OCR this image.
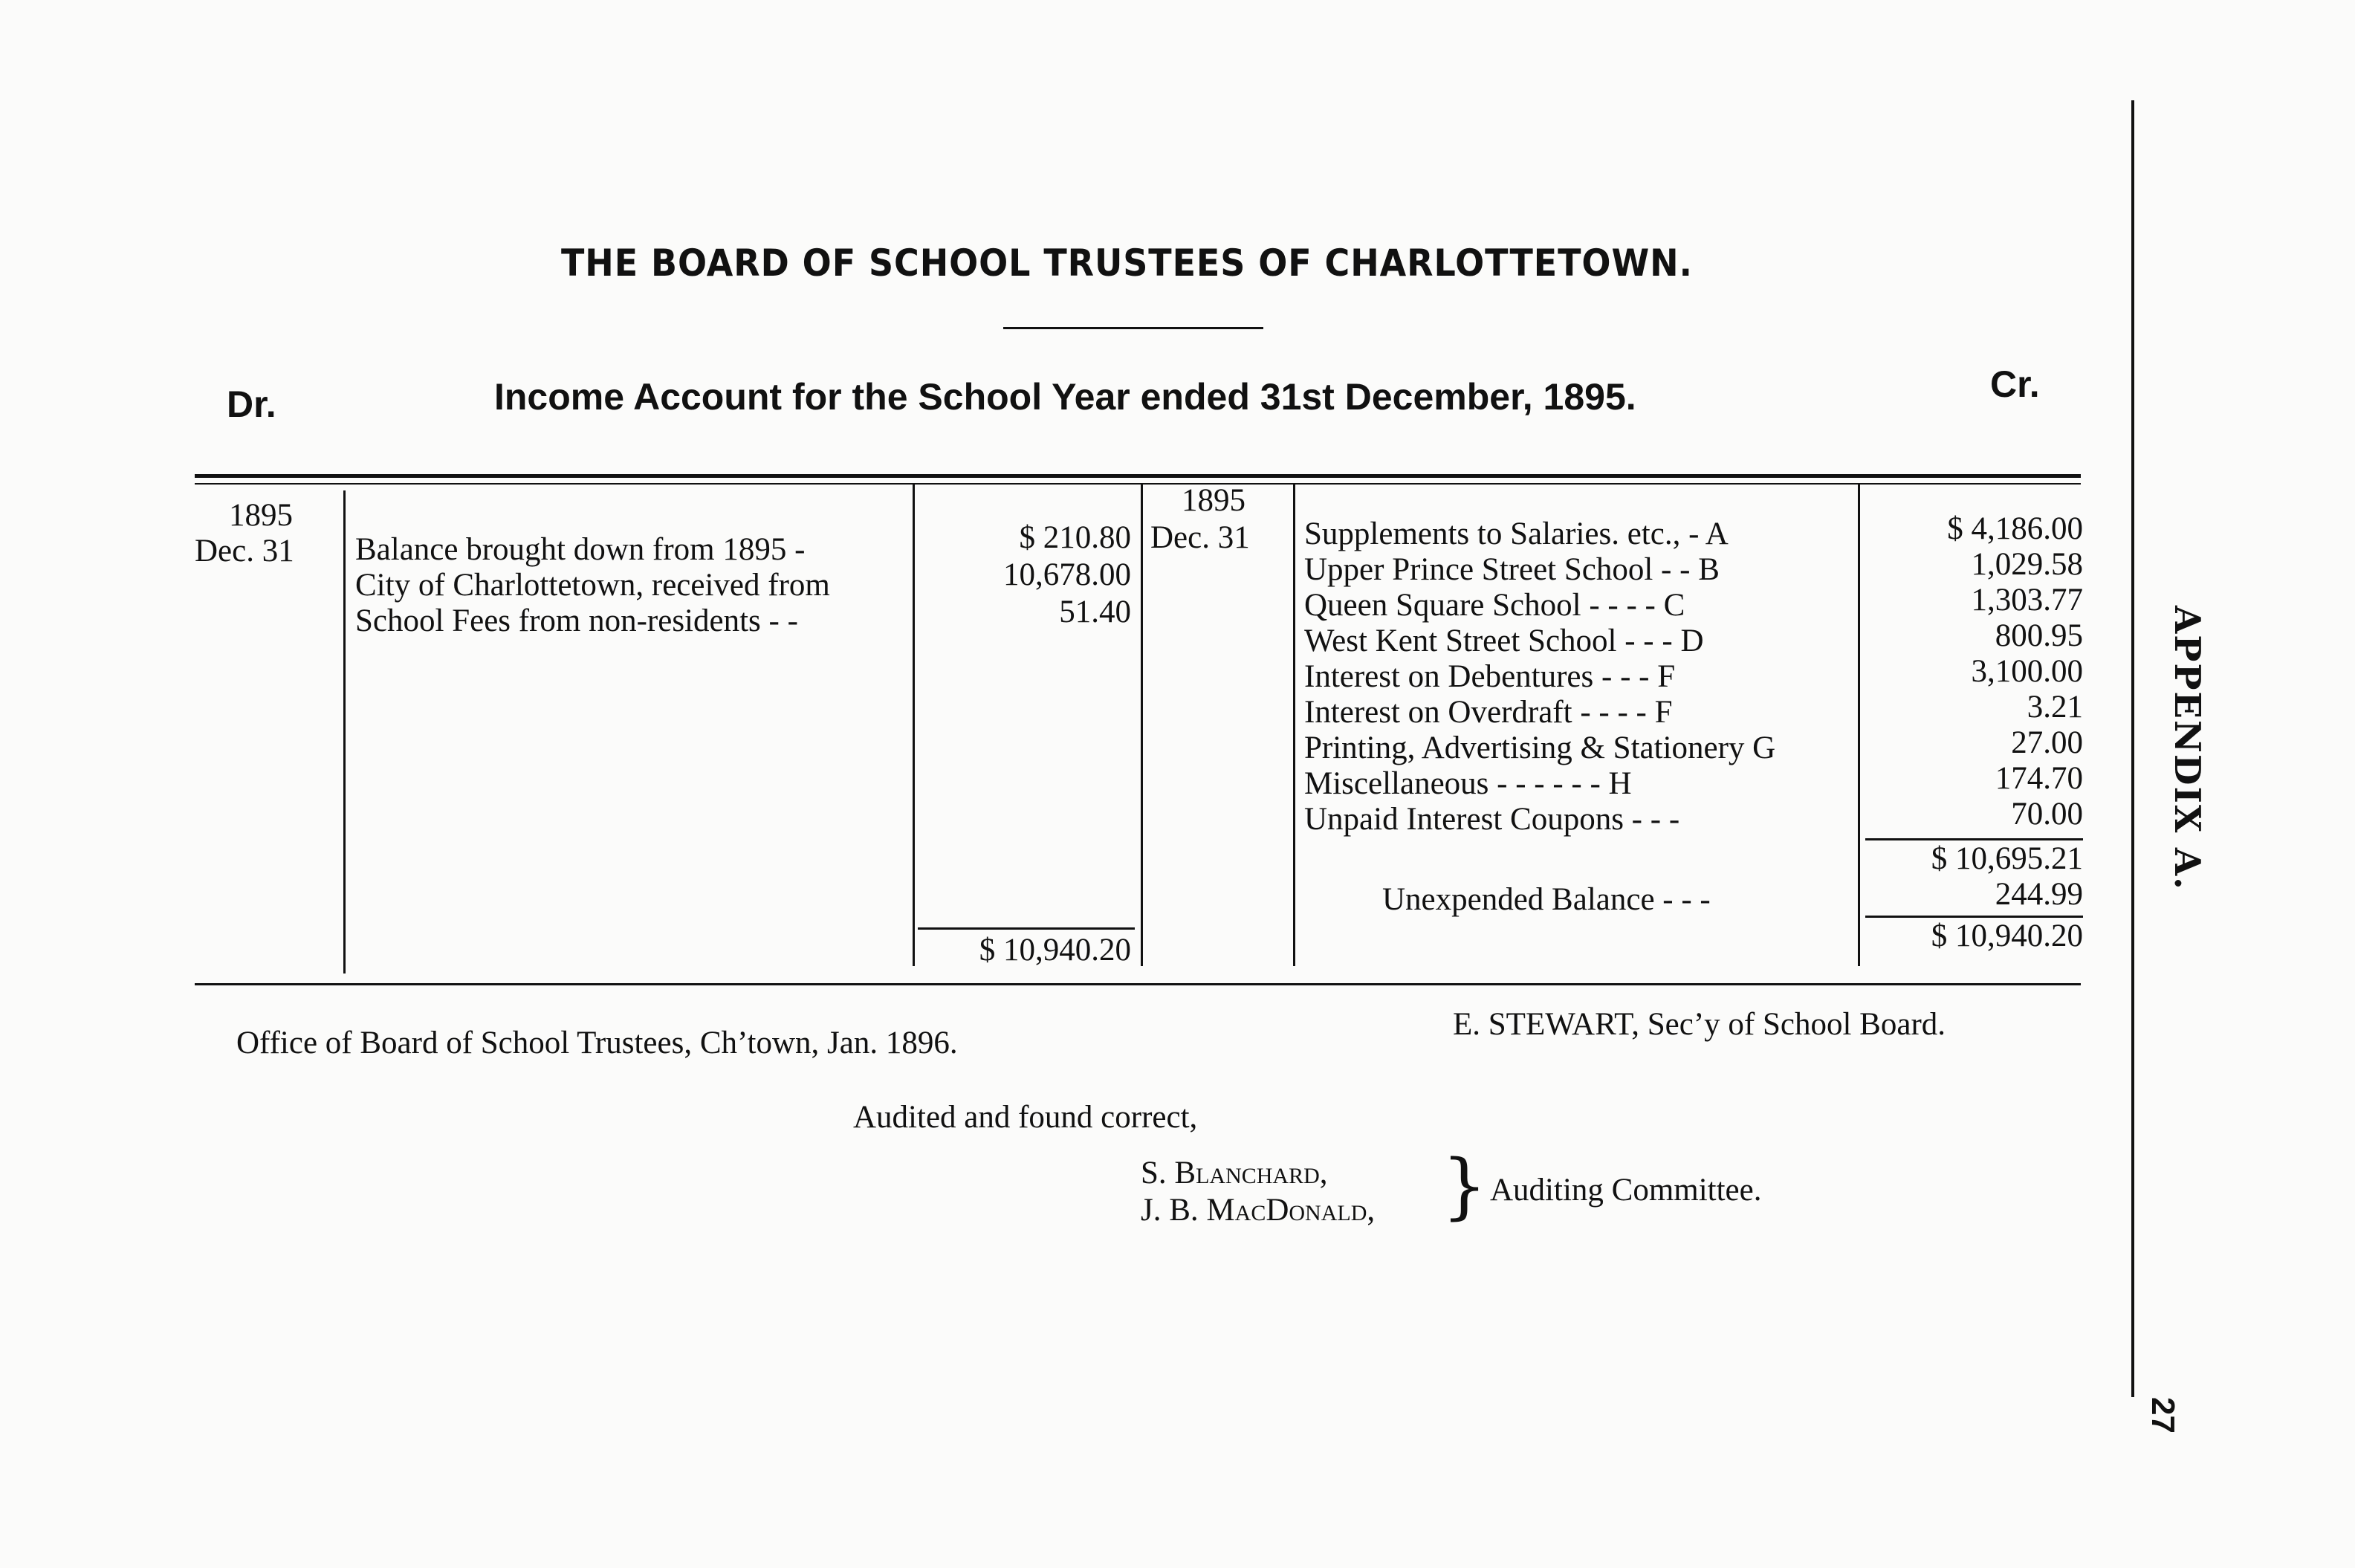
THE BOARD OF SCHOOL TRUSTEES OF CHARLOTTETOWN.
Dr.	Income Account for the School Year ended 31st December, 1895.	Cr.
1895
Dec. 31 Balance brought down from 1895 -
City of Charlottetown, received from
School Fees from non-residents - -
$ 210.80
10,678.00
51.40
$ 10,940.20
1895
Dec. 31 Supplements to Salaries. etc., - A
Upper Prince Street School - - B
Queen Square School - - - - C
West Kent Street School - - - D
Interest on Debentures - - - F
Interest on Overdraft - - - - F
Printing, Advertising & Stationery G
Miscellaneous - - - - - - H
Unpaid Interest Coupons - - -
Unexpended Balance - - -
$ 4,186.00
1,029.58
1,303.77
800.95
3,100.00
3.21
27.00
174.70
70.00
$ 10,695.21
244.99
$ 10,940.20
Office of Board of School Trustees, Ch’town, Jan. 1896.
E. STEWART, Sec’y of School Board.
Audited and found correct,
S. Blanchard,
J. B. MacDonald, } Auditing Committee.
APPENDIX A.
27
